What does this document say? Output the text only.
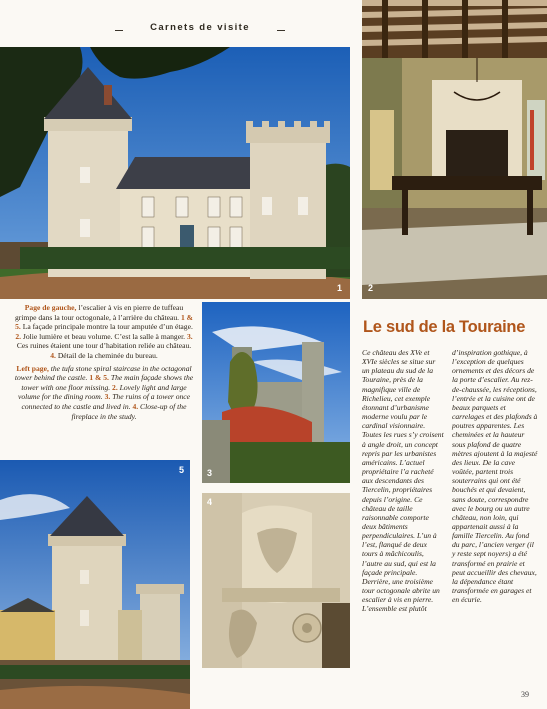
Carnets de visite
1	2

Page de gauche, l’escalier à vis en pierre de tuffeau grimpe dans la tour octogonale, à l’arrière du château. 1 & 5. La façade principale montre la tour amputée d’un étage. 2. Jolie lumière et beau volume. C’est la salle à manger. 3. Ces ruines étaient une tour d’habitation reliée au château. 4. Détail de la cheminée du bureau.

Left page, the tufa stone spiral staircase in the octagonal tower behind the castle. 1 & 5. The main façade shows the tower with one floor missing. 2. Lovely light and large volume for the dining room. 3. The ruins of a tower once connected to the castle and lived in. 4. Close-up of the fireplace in the study.

3
5
4
Le sud de la Touraine
Ce château des XVe et XVIe siècles se situe sur un plateau du sud de la Touraine, près de la magnifique ville de Richelieu, cet exemple étonnant d’urbanisme moderne voulu par le cardinal visionnaire. Toutes les rues s’y croisent à angle droit, un concept repris par les urbanistes américains. L’actuel propriétaire l’a racheté aux descendants des Tiercelin, propriétaires depuis l’origine. Ce château de taille raisonnable comporte deux bâtiments perpendiculaires. L’un à l’est, flanqué de deux tours à mâchicoulis, l’autre au sud, qui est la façade principale. Derrière, une troisième tour octogonale abrite un escalier à vis en pierre. L’ensemble est plutôt
d’inspiration gothique, à l’exception de quelques ornements et des décors de la porte d’escalier. Au rez-de-chaussée, les réceptions, l’entrée et la cuisine ont de beaux parquets et carrelages et des plafonds à poutres apparentes. Les cheminées et la hauteur sous plafond de quatre mètres ajoutent à la majesté des lieux. De la cave voûtée, partent trois souterrains qui ont été bouchés et qui devaient, sans doute, correspondre avec le bourg ou un autre château, non loin, qui appartenait aussi à la famille Tiercelin. Au fond du parc, l’ancien verger (il y reste sept noyers) a été transformé en prairie et peut accueillir des chevaux, la dépendance étant transformée en garages et en écurie.
39
